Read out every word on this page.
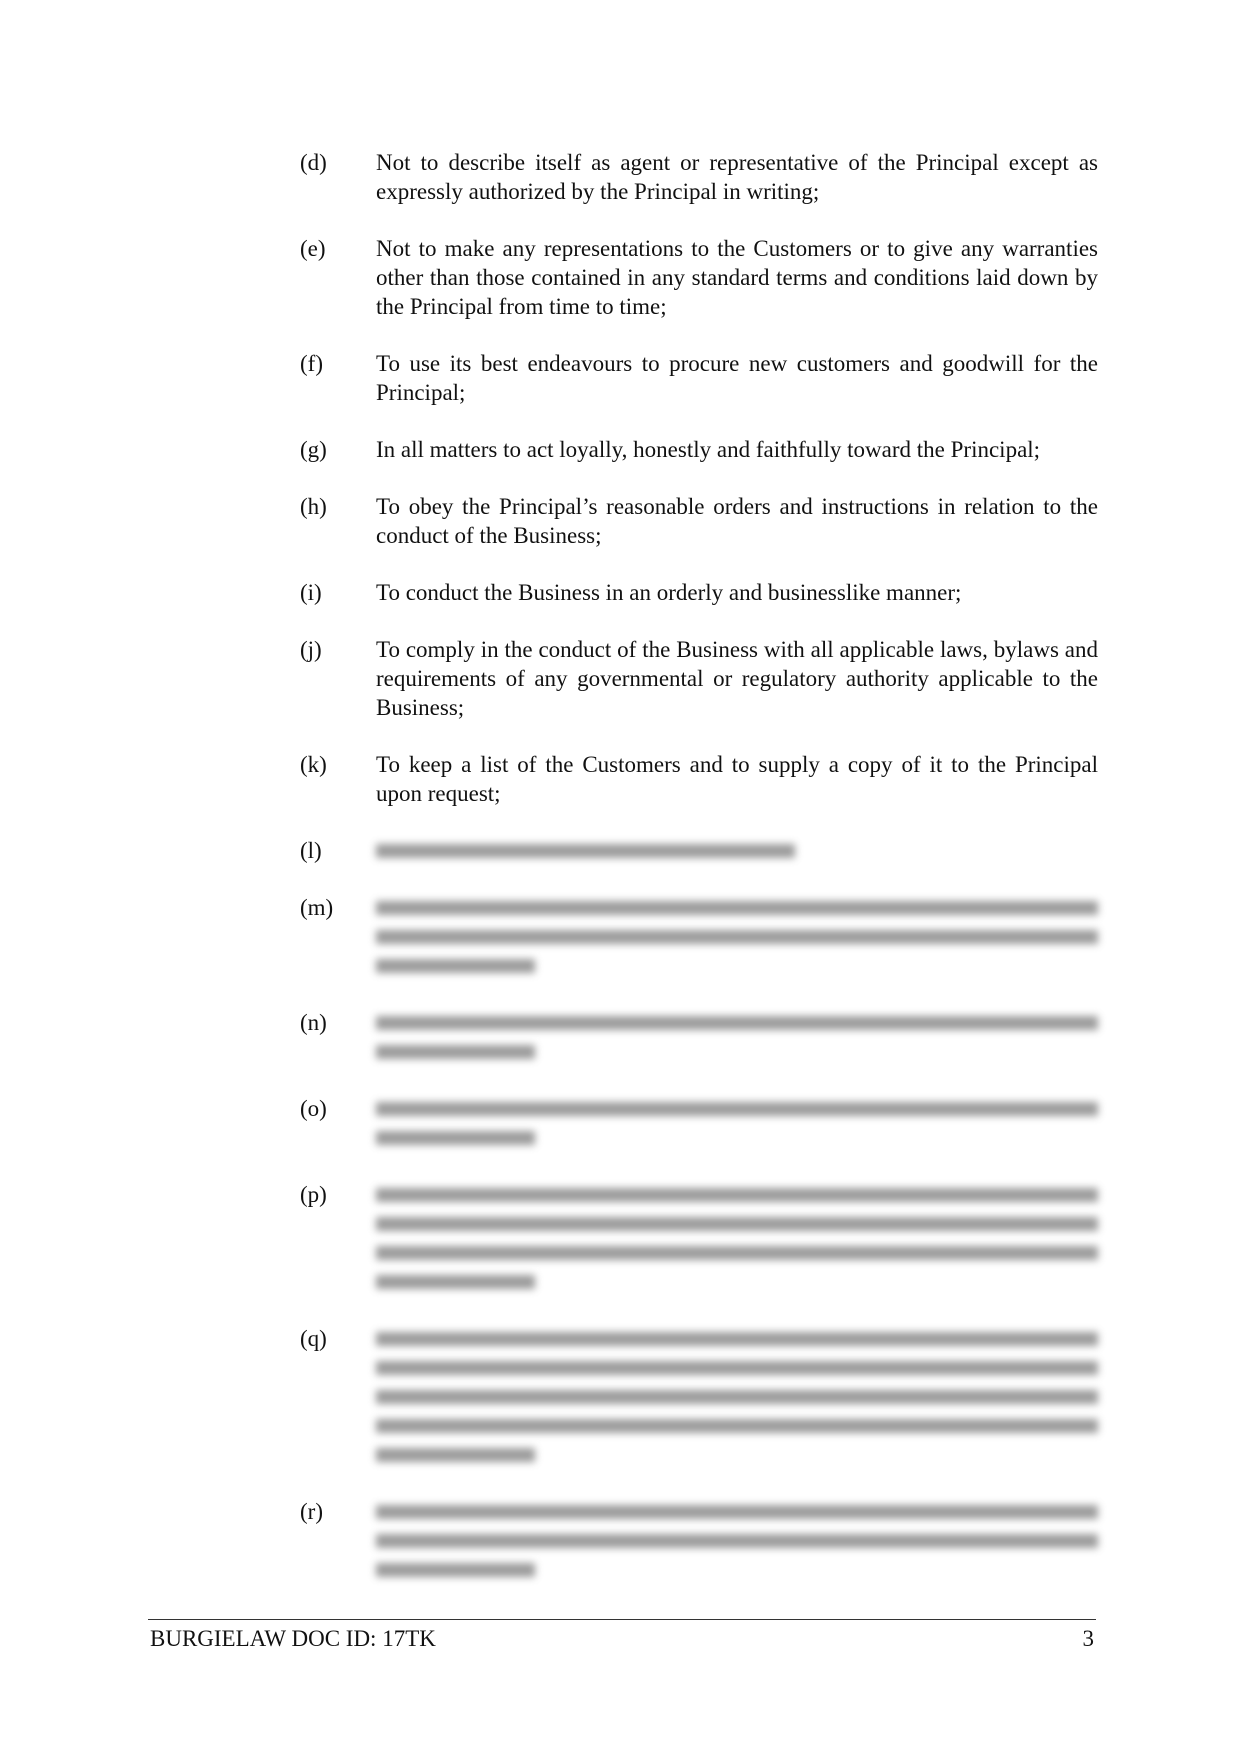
(d)	Not to describe itself as agent or representative of the Principal except as expressly authorized by the Principal in writing;
(e)	Not to make any representations to the Customers or to give any warranties other than those contained in any standard terms and conditions laid down by the Principal from time to time;
(f)	To use its best endeavours to procure new customers and goodwill for the Principal;
(g)	In all matters to act loyally, honestly and faithfully toward the Principal;
(h)	To obey the Principal’s reasonable orders and instructions in relation to the conduct of the Business;
(i)	To conduct the Business in an orderly and businesslike manner;
(j)	To comply in the conduct of the Business with all applicable laws, bylaws and requirements of any governmental or regulatory authority applicable to the Business;
(k)	To keep a list of the Customers and to supply a copy of it to the Principal upon request;
(l)
(m)
(n)
(o)
(p)
(q)
(r)
BURGIELAW DOC ID: 17TK	3
